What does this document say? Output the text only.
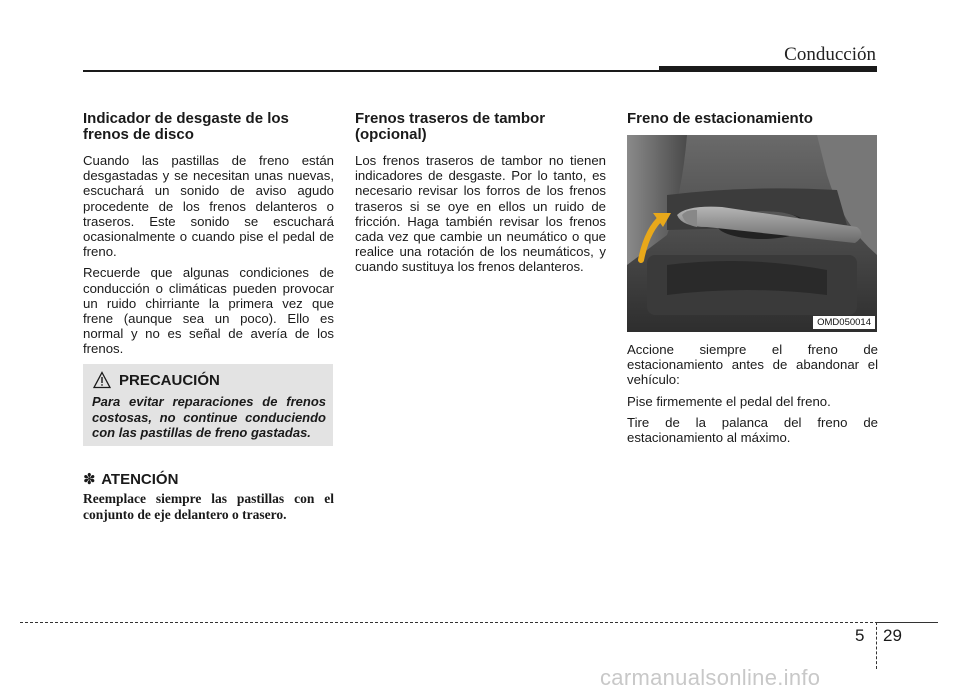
Conducción
Indicador de desgaste de los frenos de disco

Cuando las pastillas de freno están desgastadas y se necesitan unas nuevas, escuchará un sonido de aviso agudo procedente de los frenos delanteros o traseros. Este sonido se escuchará ocasionalmente o cuando pise el pedal de freno.

Recuerde que algunas condiciones de conducción o climáticas pueden provocar un ruido chirriante la primera vez que frene (aunque sea un poco). Ello es normal y no es señal de avería de los frenos.

PRECAUCIÓN
Para evitar reparaciones de frenos costosas, no continue conduciendo con las pastillas de freno gastadas.
✽ ATENCIÓN
Reemplace siempre las pastillas con el conjunto de eje delantero o trasero.
Frenos traseros de tambor (opcional)

Los frenos traseros de tambor no tienen indicadores de desgaste. Por lo tanto, es necesario revisar los forros de los frenos traseros si se oye en ellos un ruido de fricción. Haga también revisar los frenos cada vez que cambie un neumático o que realice una rotación de los neumáticos, y cuando sustituya los frenos delanteros.

Freno de estacionamiento
OMD050014

Accione siempre el freno de estacionamiento antes de abandonar el vehículo:

Pise firmemente el pedal del freno.

Tire de la palanca del freno de estacionamiento al máximo.

5 29
carmanualsonline.info
